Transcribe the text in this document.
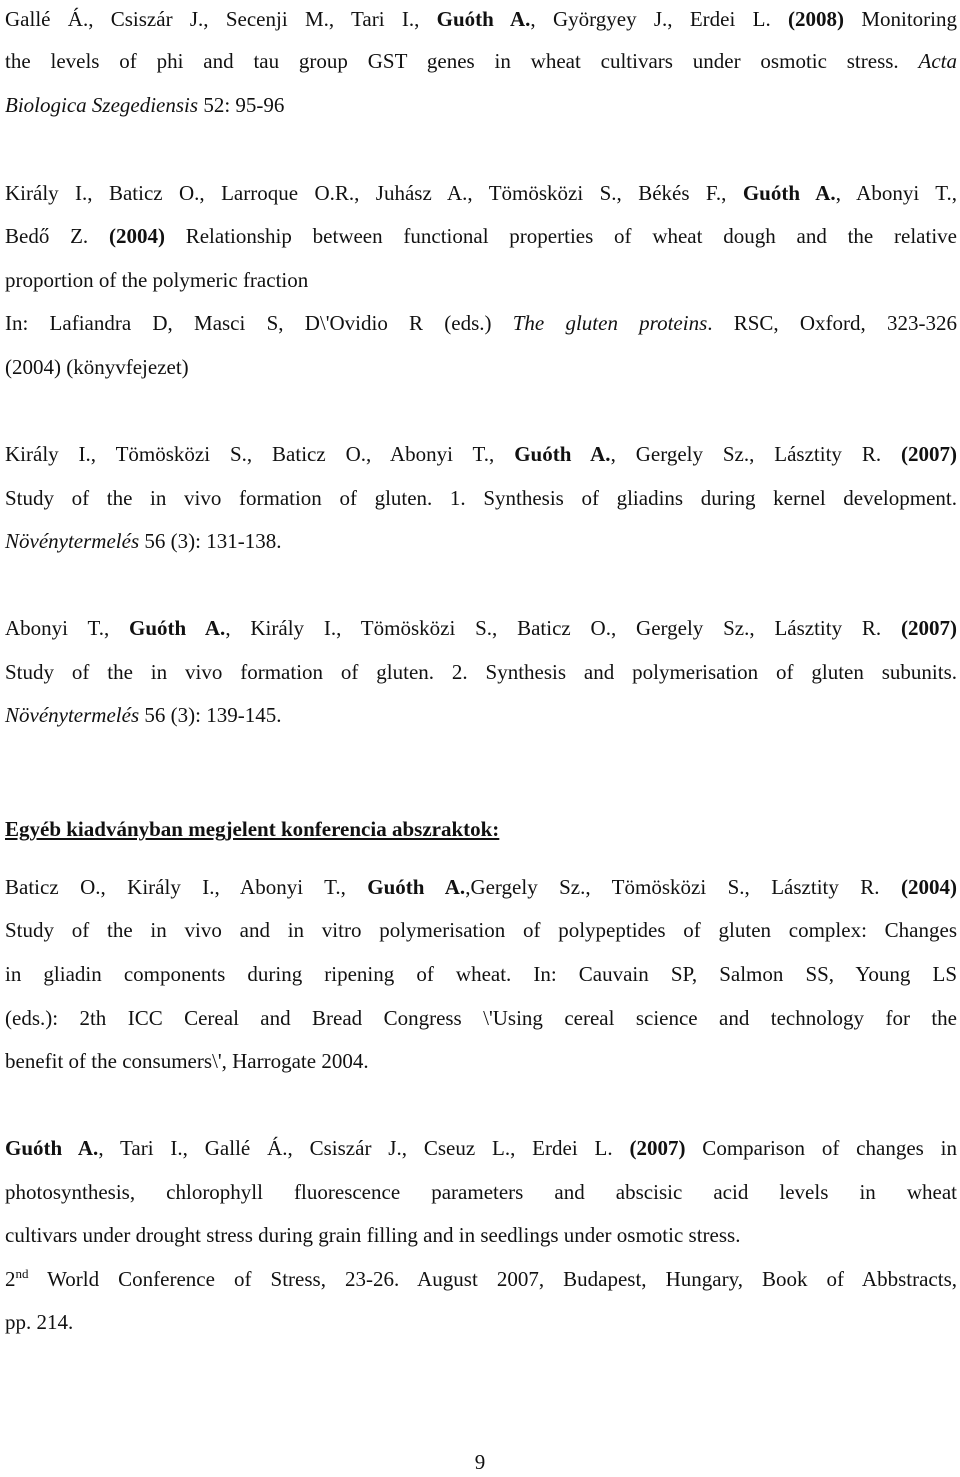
Gallé Á., Csiszár J., Secenji M., Tari I., Guóth A., Györgyey J., Erdei L. (2008) Monitoring
the levels of phi and tau group GST genes in wheat cultivars under osmotic stress. Acta
Biologica Szegediensis 52: 95-96
Király I., Baticz O., Larroque O.R., Juhász A., Tömösközi S., Békés F., Guóth A., Abonyi T.,
Bedő Z. (2004) Relationship between functional properties of wheat dough and the relative
proportion of the polymeric fraction
In: Lafiandra D, Masci S, D\'Ovidio R (eds.) The gluten proteins. RSC, Oxford, 323-326
(2004) (könyvfejezet)
Király I., Tömösközi S., Baticz O., Abonyi T., Guóth A., Gergely Sz., Lásztity R. (2007)
Study of the in vivo formation of gluten. 1. Synthesis of gliadins during kernel development.
Növénytermelés 56 (3): 131-138.
Abonyi T., Guóth A., Király I., Tömösközi S., Baticz O., Gergely Sz., Lásztity R. (2007)
Study of the in vivo formation of gluten. 2. Synthesis and polymerisation of gluten subunits.
Növénytermelés 56 (3): 139-145.
Egyéb kiadványban megjelent konferencia abszraktok:
Baticz O., Király I., Abonyi T., Guóth A.,Gergely Sz., Tömösközi S., Lásztity R. (2004)
Study of the in vivo and in vitro polymerisation of polypeptides of gluten complex: Changes
in gliadin components during ripening of wheat. In: Cauvain SP, Salmon SS, Young LS
(eds.): 2th ICC Cereal and Bread Congress \'Using cereal science and technology for the
benefit of the consumers\', Harrogate 2004.
Guóth A., Tari I., Gallé Á., Csiszár J., Cseuz L., Erdei L. (2007) Comparison of changes in
photosynthesis, chlorophyll fluorescence parameters and abscisic acid levels in wheat
cultivars under drought stress during grain filling and in seedlings under osmotic stress.
2nd World Conference of Stress, 23-26. August 2007, Budapest, Hungary, Book of Abbstracts,
pp. 214.
9
